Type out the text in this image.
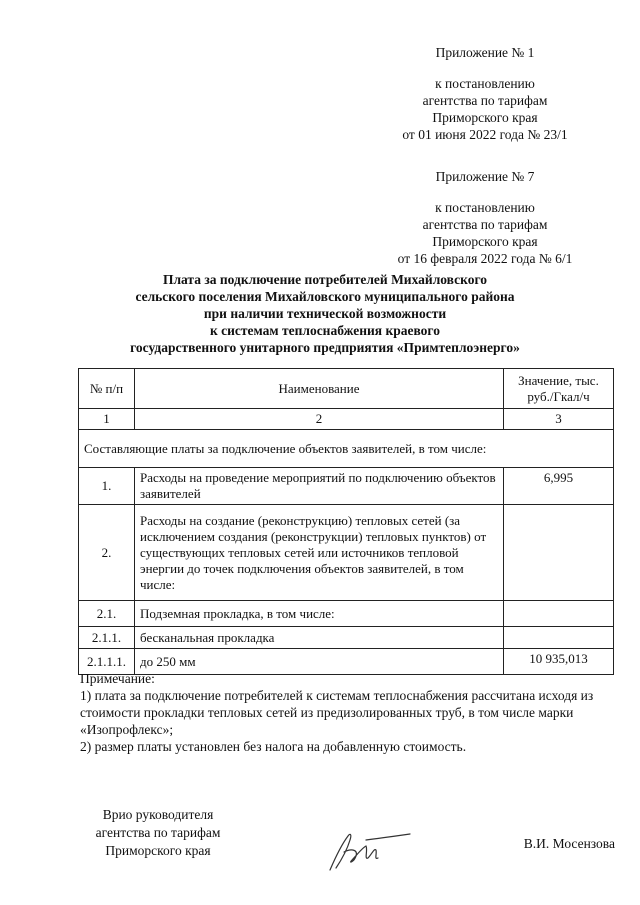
Приложение № 1
к постановлению
агентства по тарифам
Приморского края
от 01 июня 2022 года № 23/1
Приложение № 7
к постановлению
агентства по тарифам
Приморского края
от 16 февраля 2022 года № 6/1
Плата за подключение потребителей Михайловского
сельского поселения Михайловского муниципального района
при наличии технической возможности
к системам теплоснабжения краевого
государственного унитарного предприятия «Примтеплоэнерго»
№ п/п	Наименование	Значение, тыс. руб./Гкал/ч
1	2	3
Составляющие платы за подключение объектов заявителей, в том числе:		
1.	Расходы на проведение мероприятий по подключению объектов заявителей	6,995
2.	Расходы на создание (реконструкцию) тепловых сетей (за исключением создания (реконструкции) тепловых пунктов) от существующих тепловых сетей или источников тепловой энергии до точек подключения объектов заявителей, в том числе:	
2.1.	Подземная прокладка, в том числе:	
2.1.1.	бесканальная прокладка	
2.1.1.1.	до 250 мм	10 935,013
Примечание:
1) плата за подключение потребителей к системам теплоснабжения рассчитана исходя из стоимости прокладки тепловых сетей из предизолированных труб, в том числе марки «Изопрофлекс»;
2) размер платы установлен без налога на добавленную стоимость.
Врио руководителя
агентства по тарифам
Приморского края	В.И. Мосензова
